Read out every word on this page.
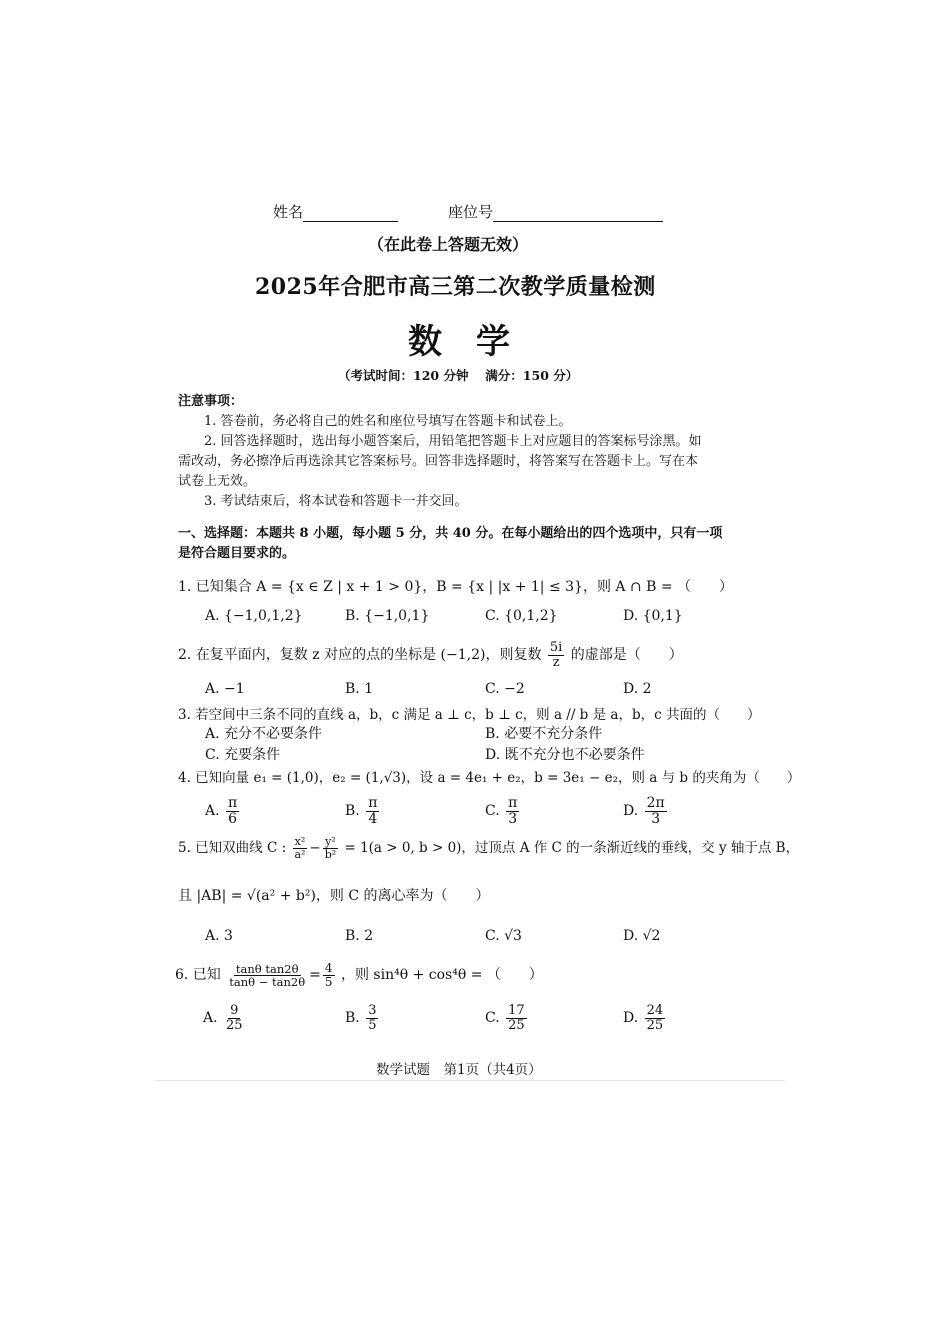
姓名	座位号
（在此卷上答题无效）
2025年合肥市高三第二次教学质量检测
数　学
（考试时间：120 分钟　 满分：150 分）
注意事项：
1. 答卷前，务必将自己的姓名和座位号填写在答题卡和试卷上。
2. 回答选择题时，选出每小题答案后，用铅笔把答题卡上对应题目的答案标号涂黑。如
需改动，务必擦净后再选涂其它答案标号。回答非选择题时，将答案写在答题卡上。写在本
试卷上无效。
3. 考试结束后，将本试卷和答题卡一并交回。
一、选择题：本题共 8 小题，每小题 5 分，共 40 分。在每小题给出的四个选项中，只有一项
是符合题目要求的。
1. 已知集合 A = {x ∈ Z | x + 1 > 0}，B = {x | |x + 1| ≤ 3}，则 A ∩ B = （　　）
A. {−1,0,1,2}	B. {−1,0,1}	C. {0,1,2}	D. {0,1}
2. 在复平面内，复数 z 对应的点的坐标是 (−1,2)，则复数 $\frac{5i}{z}$ 的虚部是（　　）
A. −1	B. 1	C. −2	D. 2
3. 若空间中三条不同的直线 a，b，c 满足 a ⊥ c，b ⊥ c，则 a // b 是 a，b，c 共面的（　　）
A. 充分不必要条件	B. 必要不充分条件
C. 充要条件	D. 既不充分也不必要条件
4. 已知向量 e₁ = (1,0)，e₂ = (1,√3)，设 a = 4e₁ + e₂，b = 3e₁ − e₂，则 a 与 b 的夹角为（　　）
A. $\frac{\pi}{6}$	B. $\frac{\pi}{4}$	C. $\frac{\pi}{3}$	D. $\frac{2\pi}{3}$
5. 已知双曲线 C : $\frac{\text{x²}}{\text{a²}} - \frac{\text{y²}}{\text{b²}} = 1(a > 0$, b > 0)，过顶点 A 作 C 的一条渐近线的垂线，交 y 轴于点 B，
且 |AB| = √(a² + b²)，则 C 的离心率为（　　）
A. 3	B. 2	C. √3	D. √2
6. 已知 $\frac{\text{tanθ tan2θ}}{\tan\theta - \tan 2\theta} = \frac{4}{5}$ ，则 sin⁴θ + cos⁴θ = （　　）
A. $\frac{9}{25}$	B. $\frac{3}{5}$	C. $\frac{17}{25}$	D. $\frac{24}{25}$
数学试题　第1页（共4页）
